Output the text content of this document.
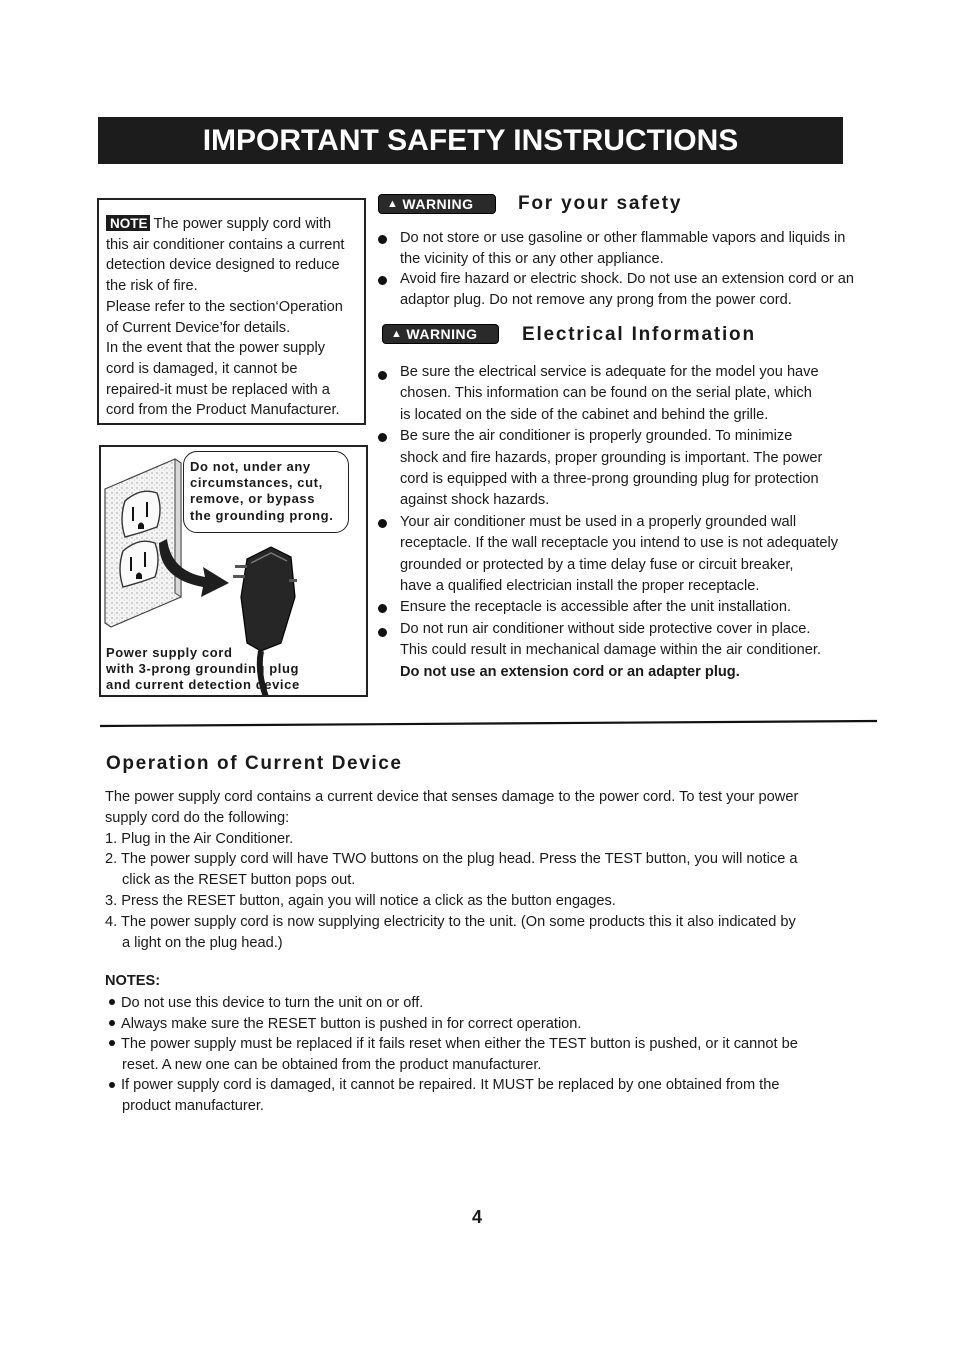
IMPORTANT SAFETY INSTRUCTIONS
NOTE The power supply cord with
this air conditioner contains a current
detection device designed to reduce
the risk of fire.
Please refer to the section‘Operation
of Current Device’for details.
In the event that the power supply
cord is damaged, it cannot be
repaired-it must be replaced with a
cord from the Product Manufacturer.
Do not, under any
circumstances, cut,
remove, or bypass
the grounding prong.
Power supply cord
with 3-prong grounding plug
and current detection device
▲ WARNING For your safety
Do not store or use gasoline or other flammable vapors and liquids in
the vicinity of this or any other appliance.
Avoid fire hazard or electric shock. Do not use an extension cord or an
adaptor plug. Do not remove any prong from the power cord.
▲ WARNING Electrical Information
Be sure the electrical service is adequate for the model you have
chosen. This information can be found on the serial plate, which
is located on the side of the cabinet and behind the grille.
Be sure the air conditioner is properly grounded. To minimize
shock and fire hazards, proper grounding is important. The power
cord is equipped with a three-prong grounding plug for protection
against shock hazards.
Your air conditioner must be used in a properly grounded wall
receptacle. If the wall receptacle you intend to use is not adequately
grounded or protected by a time delay fuse or circuit breaker,
have a qualified electrician install the proper receptacle.
Ensure the receptacle is accessible after the unit installation.
Do not run air conditioner without side protective cover in place.
This could result in mechanical damage within the air conditioner.
Do not use an extension cord or an adapter plug.
Operation of Current Device
The power supply cord contains a current device that senses damage to the power cord. To test your power
supply cord do the following:
1. Plug in the Air Conditioner.
2. The power supply cord will have TWO buttons on the plug head. Press the TEST button, you will notice a
click as the RESET button pops out.
3. Press the RESET button, again you will notice a click as the button engages.
4. The power supply cord is now supplying electricity to the unit. (On some products this it also indicated by
a light on the plug head.)
NOTES:
Do not use this device to turn the unit on or off.
Always make sure the RESET button is pushed in for correct operation.
The power supply must be replaced if it fails reset when either the TEST button is pushed, or it cannot be
reset. A new one can be obtained from the product manufacturer.
If power supply cord is damaged, it cannot be repaired. It MUST be replaced by one obtained from the
product manufacturer.
4
